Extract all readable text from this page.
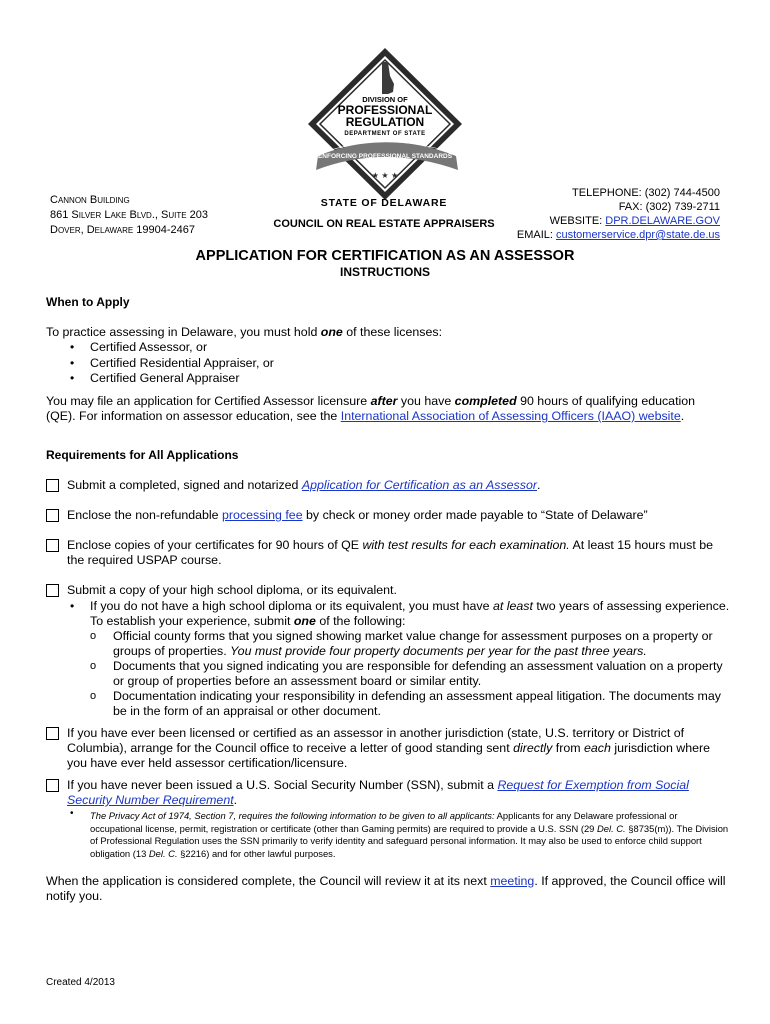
DIVISION OF
PROFESSIONAL
REGULATION
DEPARTMENT OF STATE
ENFORCING PROFESSIONAL STANDARDS
★ ★ ★
Cannon Building
861 Silver Lake Blvd., Suite 203
Dover, Delaware 19904-2467
STATE OF DELAWARE
COUNCIL ON REAL ESTATE APPRAISERS
TELEPHONE: (302) 744-4500
FAX: (302) 739-2711
WEBSITE: DPR.DELAWARE.GOV
EMAIL: customerservice.dpr@state.de.us
APPLICATION FOR CERTIFICATION AS AN ASSESSOR
INSTRUCTIONS
When to Apply
To practice assessing in Delaware, you must hold one of these licenses:
• Certified Assessor, or
• Certified Residential Appraiser, or
• Certified General Appraiser
You may file an application for Certified Assessor licensure after you have completed 90 hours of qualifying education (QE). For information on assessor education, see the International Association of Assessing Officers (IAAO) website.
Requirements for All Applications
Submit a completed, signed and notarized Application for Certification as an Assessor.
Enclose the non-refundable processing fee by check or money order made payable to “State of Delaware”
Enclose copies of your certificates for 90 hours of QE with test results for each examination. At least 15 hours must be the required USPAP course.
Submit a copy of your high school diploma, or its equivalent.
• If you do not have a high school diploma or its equivalent, you must have at least two years of assessing experience. To establish your experience, submit one of the following:
o Official county forms that you signed showing market value change for assessment purposes on a property or groups of properties. You must provide four property documents per year for the past three years.
o Documents that you signed indicating you are responsible for defending an assessment valuation on a property or group of properties before an assessment board or similar entity.
o Documentation indicating your responsibility in defending an assessment appeal litigation. The documents may be in the form of an appraisal or other document.
If you have ever been licensed or certified as an assessor in another jurisdiction (state, U.S. territory or District of Columbia), arrange for the Council office to receive a letter of good standing sent directly from each jurisdiction where you have ever held assessor certification/licensure.
If you have never been issued a U.S. Social Security Number (SSN), submit a Request for Exemption from Social Security Number Requirement.
• The Privacy Act of 1974, Section 7, requires the following information to be given to all applicants: Applicants for any Delaware professional or occupational license, permit, registration or certificate (other than Gaming permits) are required to provide a U.S. SSN (29 Del. C. §8735(m)). The Division of Professional Regulation uses the SSN primarily to verify identity and safeguard personal information. It may also be used to enforce child support obligation (13 Del. C. §2216) and for other lawful purposes.
When the application is considered complete, the Council will review it at its next meeting. If approved, the Council office will notify you.
Created 4/2013
